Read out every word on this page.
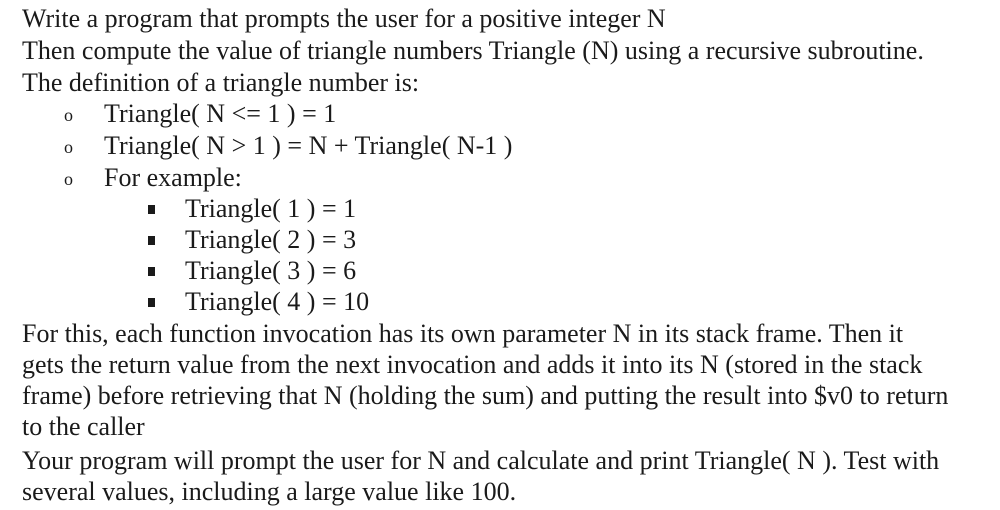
Write a program that prompts the user for a positive integer N
Then compute the value of triangle numbers Triangle (N) using a recursive subroutine.
The definition of a triangle number is:
o Triangle( N <= 1 ) = 1
o Triangle( N > 1 ) = N + Triangle( N-1 )
o For example:
Triangle( 1 ) = 1
Triangle( 2 ) = 3
Triangle( 3 ) = 6
Triangle( 4 ) = 10
For this, each function invocation has its own parameter N in its stack frame. Then it
gets the return value from the next invocation and adds it into its N (stored in the stack
frame) before retrieving that N (holding the sum) and putting the result into $v0 to return
to the caller
Your program will prompt the user for N and calculate and print Triangle( N ). Test with
several values, including a large value like 100.
